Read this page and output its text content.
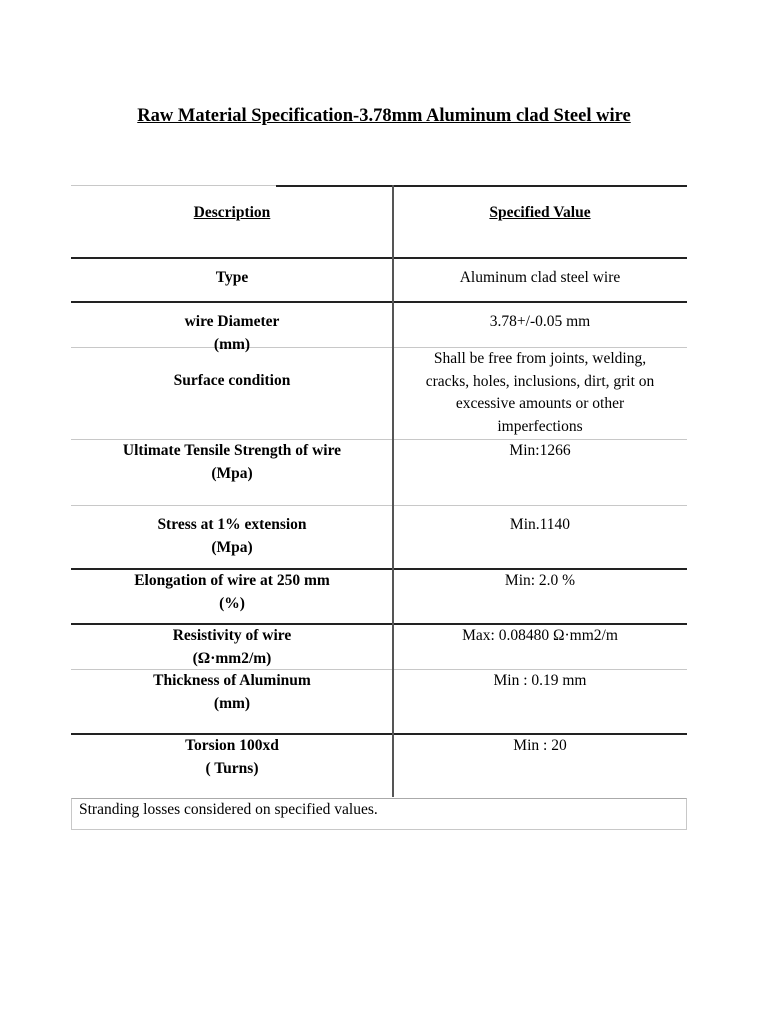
Raw Material Specification-3.78mm Aluminum clad Steel wire
Description	Specified Value
Type	Aluminum clad steel wire
wire Diameter
(mm)
3.78+/-0.05 mm
Surface condition
Shall be free from joints, welding,
cracks, holes, inclusions, dirt, grit on
excessive amounts or other
imperfections
Ultimate Tensile Strength of wire
(Mpa)
Min:1266
Stress at 1% extension
(Mpa)
Min.1140
Elongation of wire at 250 mm
(%)
Min: 2.0 %
Resistivity of wire
(Ω·mm2/m)
Max: 0.08480 Ω·mm2/m
Thickness of Aluminum
(mm)
Min : 0.19 mm
Torsion 100xd
( Turns)
Min : 20
Stranding losses considered on specified values.
